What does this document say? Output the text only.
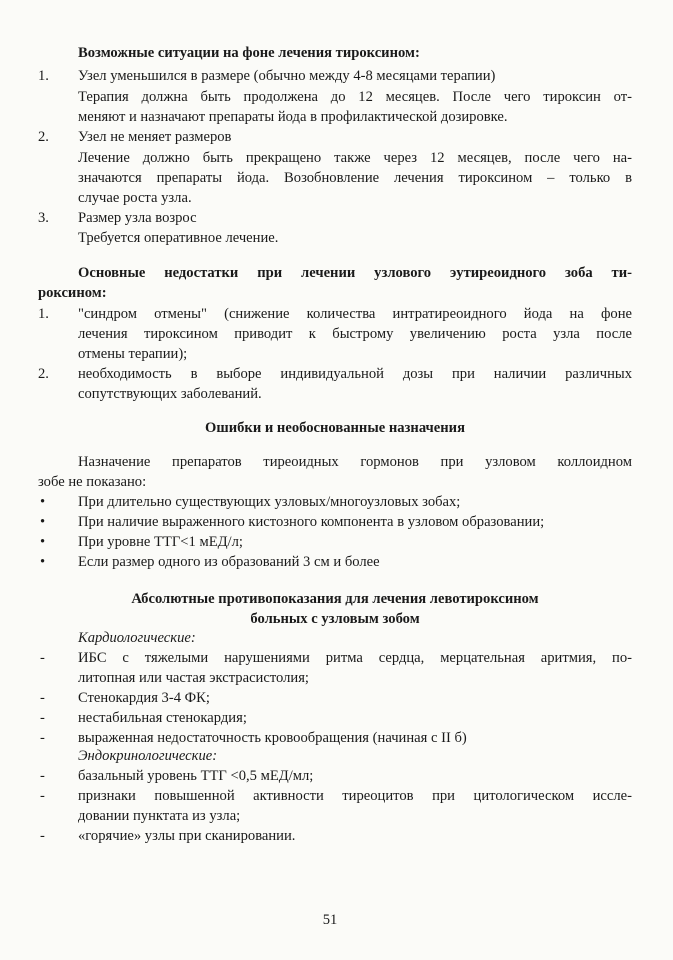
Возможные ситуации на фоне лечения тироксином:
1. Узел уменьшился в размере (обычно между 4-8 месяцами терапии)
Терапия должна быть продолжена до 12 месяцев. После чего тироксин от-
меняют и назначают препараты йода в профилактической дозировке.
2. Узел не меняет размеров
Лечение должно быть прекращено также через 12 месяцев, после чего на-
значаются препараты йода. Возобновление лечения тироксином – только в
случае роста узла.
3. Размер узла возрос
Требуется оперативное лечение.
Основные недостатки при лечении узлового эутиреоидного зоба ти-
роксином:
1. "синдром отмены" (снижение количества интратиреоидного йода на фоне
лечения тироксином приводит к быстрому увеличению роста узла после
отмены терапии);
2. необходимость в выборе индивидуальной дозы при наличии различных
сопутствующих заболеваний.
Ошибки и необоснованные назначения
Назначение препаратов тиреоидных гормонов при узловом коллоидном
зобе не показано:
• При длительно существующих узловых/многоузловых зобах;
• При наличие выраженного кистозного компонента в узловом образовании;
• При уровне ТТГ<1 мЕД/л;
• Если размер одного из образований 3 см и более
Абсолютные противопоказания для лечения левотироксином
больных с узловым зобом
Кардиологические:
- ИБС с тяжелыми нарушениями ритма сердца, мерцательная аритмия, по-
литопная или частая экстрасистолия;
- Стенокардия 3-4 ФК;
- нестабильная стенокардия;
- выраженная недостаточность кровообращения (начиная с II б)
Эндокринологические:
- базальный уровень ТТГ <0,5 мЕД/мл;
- признаки повышенной активности тиреоцитов при цитологическом иссле-
довании пунктата из узла;
- «горячие» узлы при сканировании.
51
